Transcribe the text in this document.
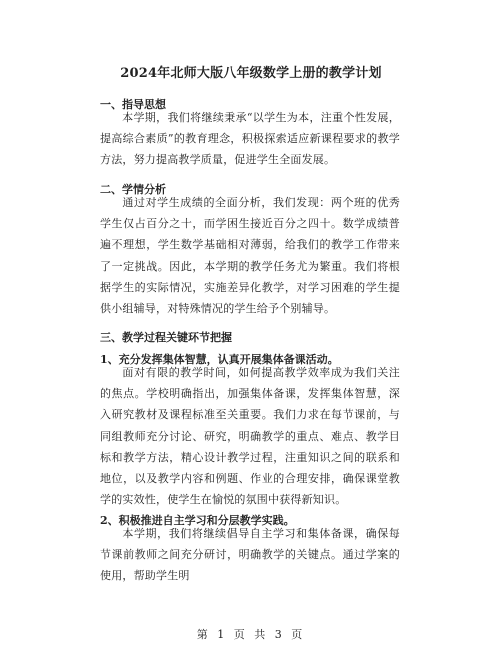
2024年北师大版八年级数学上册的教学计划
一、指导思想
本学期，我们将继续秉承“以学生为本，注重个性发展，提高综合素质”的教育理念，积极探索适应新课程要求的教学方法，努力提高教学质量，促进学生全面发展。
二、学情分析
通过对学生成绩的全面分析，我们发现：两个班的优秀学生仅占百分之十，而学困生接近百分之四十。数学成绩普遍不理想，学生数学基础相对薄弱，给我们的教学工作带来了一定挑战。因此，本学期的教学任务尤为繁重。我们将根据学生的实际情况，实施差异化教学，对学习困难的学生提供小组辅导，对特殊情况的学生给予个别辅导。
三、教学过程关键环节把握
1、充分发挥集体智慧，认真开展集体备课活动。
面对有限的教学时间，如何提高教学效率成为我们关注的焦点。学校明确指出，加强集体备课，发挥集体智慧，深入研究教材及课程标准至关重要。我们力求在每节课前，与同组教师充分讨论、研究，明确教学的重点、难点、教学目标和教学方法，精心设计教学过程，注重知识之间的联系和地位，以及教学内容和例题、作业的合理安排，确保课堂教学的实效性，使学生在愉悦的氛围中获得新知识。
2、积极推进自主学习和分层教学实践。
本学期，我们将继续倡导自主学习和集体备课，确保每节课前教师之间充分研讨，明确教学的关键点。通过学案的使用，帮助学生明
第 1 页 共 3 页
